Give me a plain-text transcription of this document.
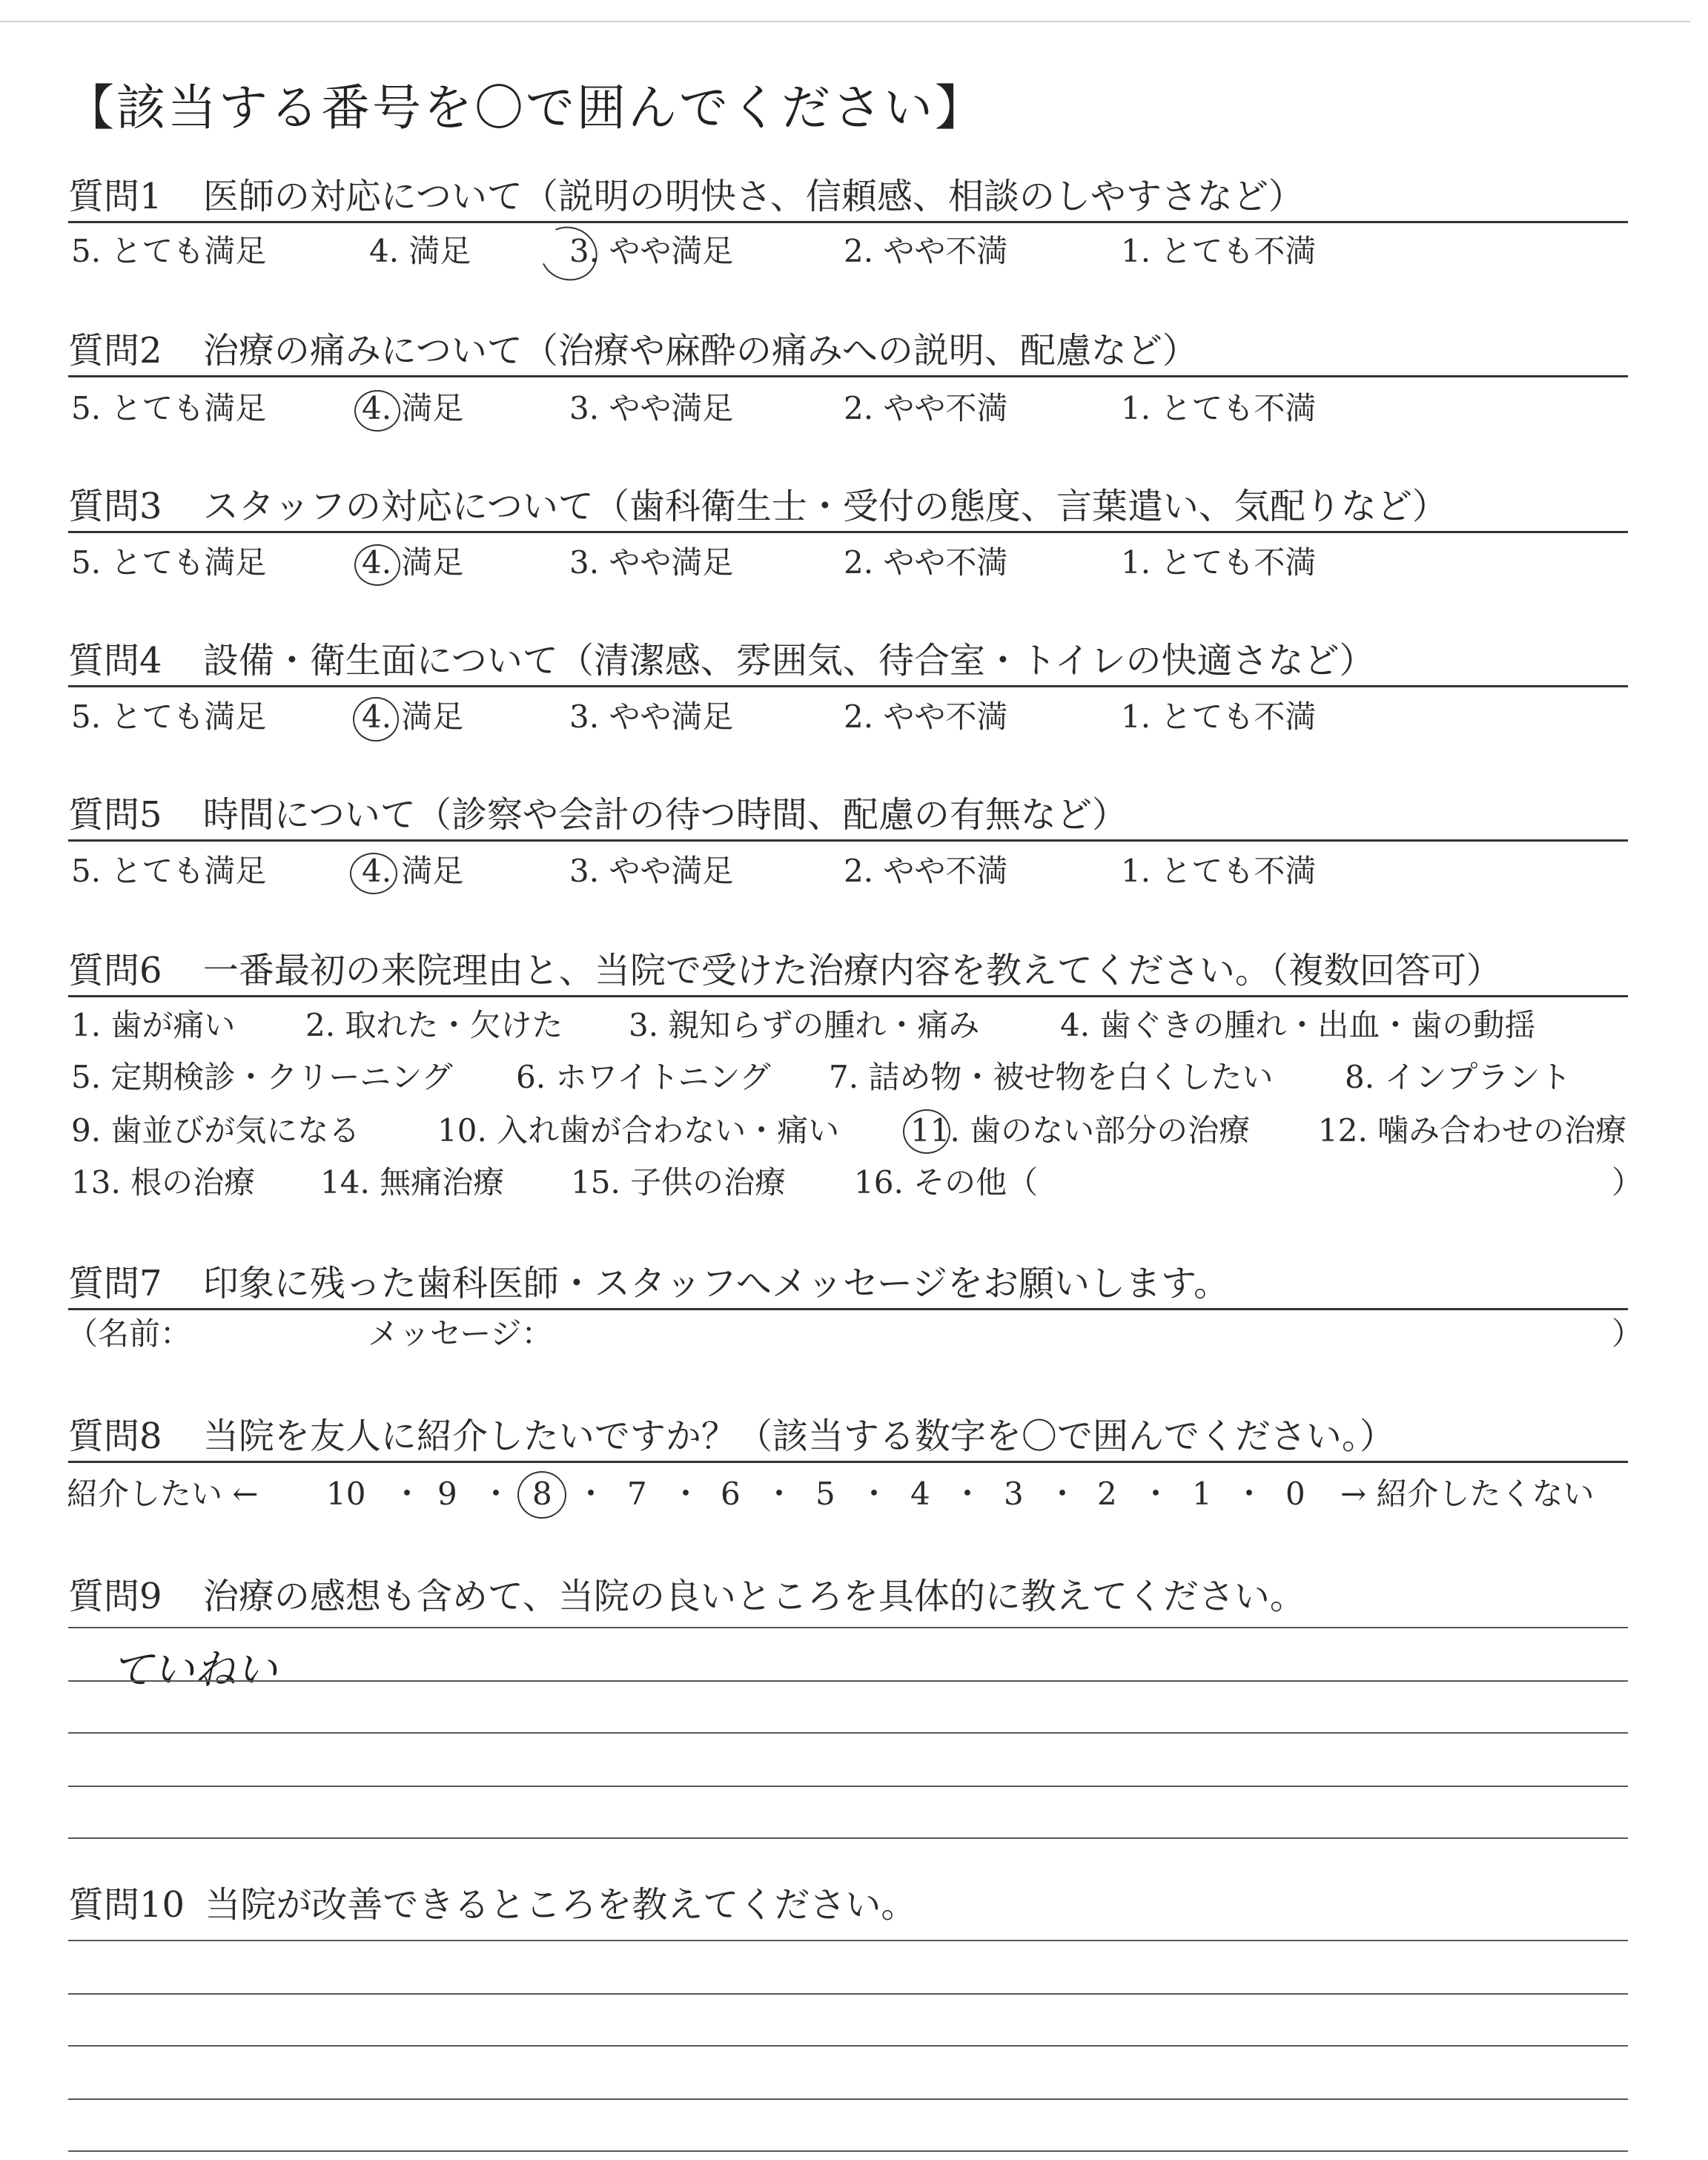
【該当する番号を〇で囲んでください】
質問1 医師の対応について（説明の明快さ、信頼感、相談のしやすさなど）
5. とても満足	4. 満足	3. やや満足	2. やや不満	1. とても不満
質問2 治療の痛みについて（治療や麻酔の痛みへの説明、配慮など）
5. とても満足	4. 満足	3. やや満足	2. やや不満	1. とても不満
質問3 スタッフの対応について（歯科衛生士・受付の態度、言葉遣い、気配りなど）
5. とても満足	4. 満足	3. やや満足	2. やや不満	1. とても不満
質問4 設備・衛生面について（清潔感、雰囲気、待合室・トイレの快適さなど）
5. とても満足	4. 満足	3. やや満足	2. やや不満	1. とても不満
質問5 時間について（診察や会計の待つ時間、配慮の有無など）
5. とても満足	4. 満足	3. やや満足	2. やや不満	1. とても不満
質問6 一番最初の来院理由と、当院で受けた治療内容を教えてください。（複数回答可）
1. 歯が痛い 2. 取れた・欠けた 3. 親知らずの腫れ・痛み	4. 歯ぐきの腫れ・出血・歯の動揺
5. 定期検診・クリーニング 6. ホワイトニング 7. 詰め物・被せ物を白くしたい 8. インプラント
9. 歯並びが気になる 10. 入れ歯が合わない・痛い 11. 歯のない部分の治療 12. 噛み合わせの治療
13. 根の治療 14. 無痛治療 15. 子供の治療 16. その他（	）
質問7 印象に残った歯科医師・スタッフへメッセージをお願いします。
（名前：	メッセージ：	）
質問8 当院を友人に紹介したいですか？（該当する数字を〇で囲んでください。）
紹介したい ←	→ 紹介したくない
10 ・ 9 ・ 8 ・ 7 ・ 6 ・ 5 ・ 4 ・ 3 ・ 2 ・ 1 ・ 0
質問9 治療の感想も含めて、当院の良いところを具体的に教えてください。
ていねい
質問10 当院が改善できるところを教えてください。
